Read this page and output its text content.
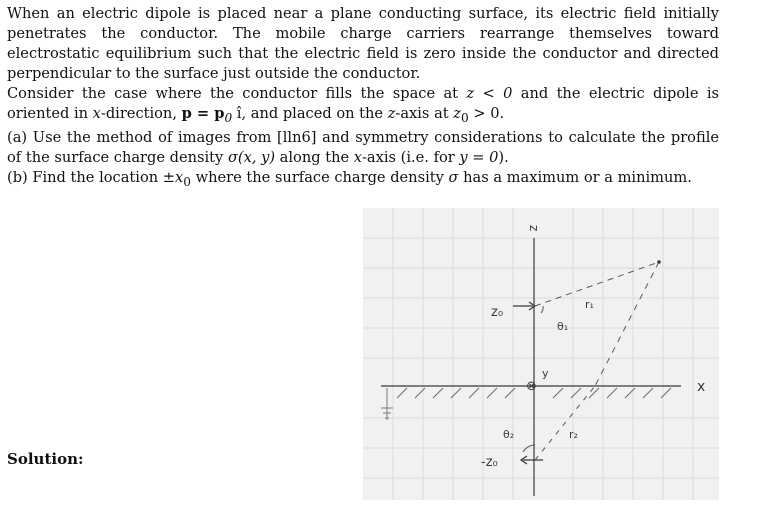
When an electric dipole is placed near a plane conducting surface, its electric field initially penetrates the conductor. The mobile charge carriers rearrange themselves toward electrostatic equilibrium such that the electric field is zero inside the conductor and directed perpendicular to the surface just outside the conductor.

Consider the case where the conductor fills the space at z < 0 and the electric dipole is oriented in x-direction, $p = p_0$ î, and placed on the z-axis at $z_0 > 0$.

(a) Use the method of images from [lln6] and symmetry considerations to calculate the profile of the surface charge density σ(x, y) along the x-axis (i.e. for y = 0).

(b) Find the location $\pm x_0$ where the surface charge density σ has a maximum or a minimum.

Solution:
z
x
⊗
y
z₀
-z₀
r₁
r₂
θ₁
θ₂
